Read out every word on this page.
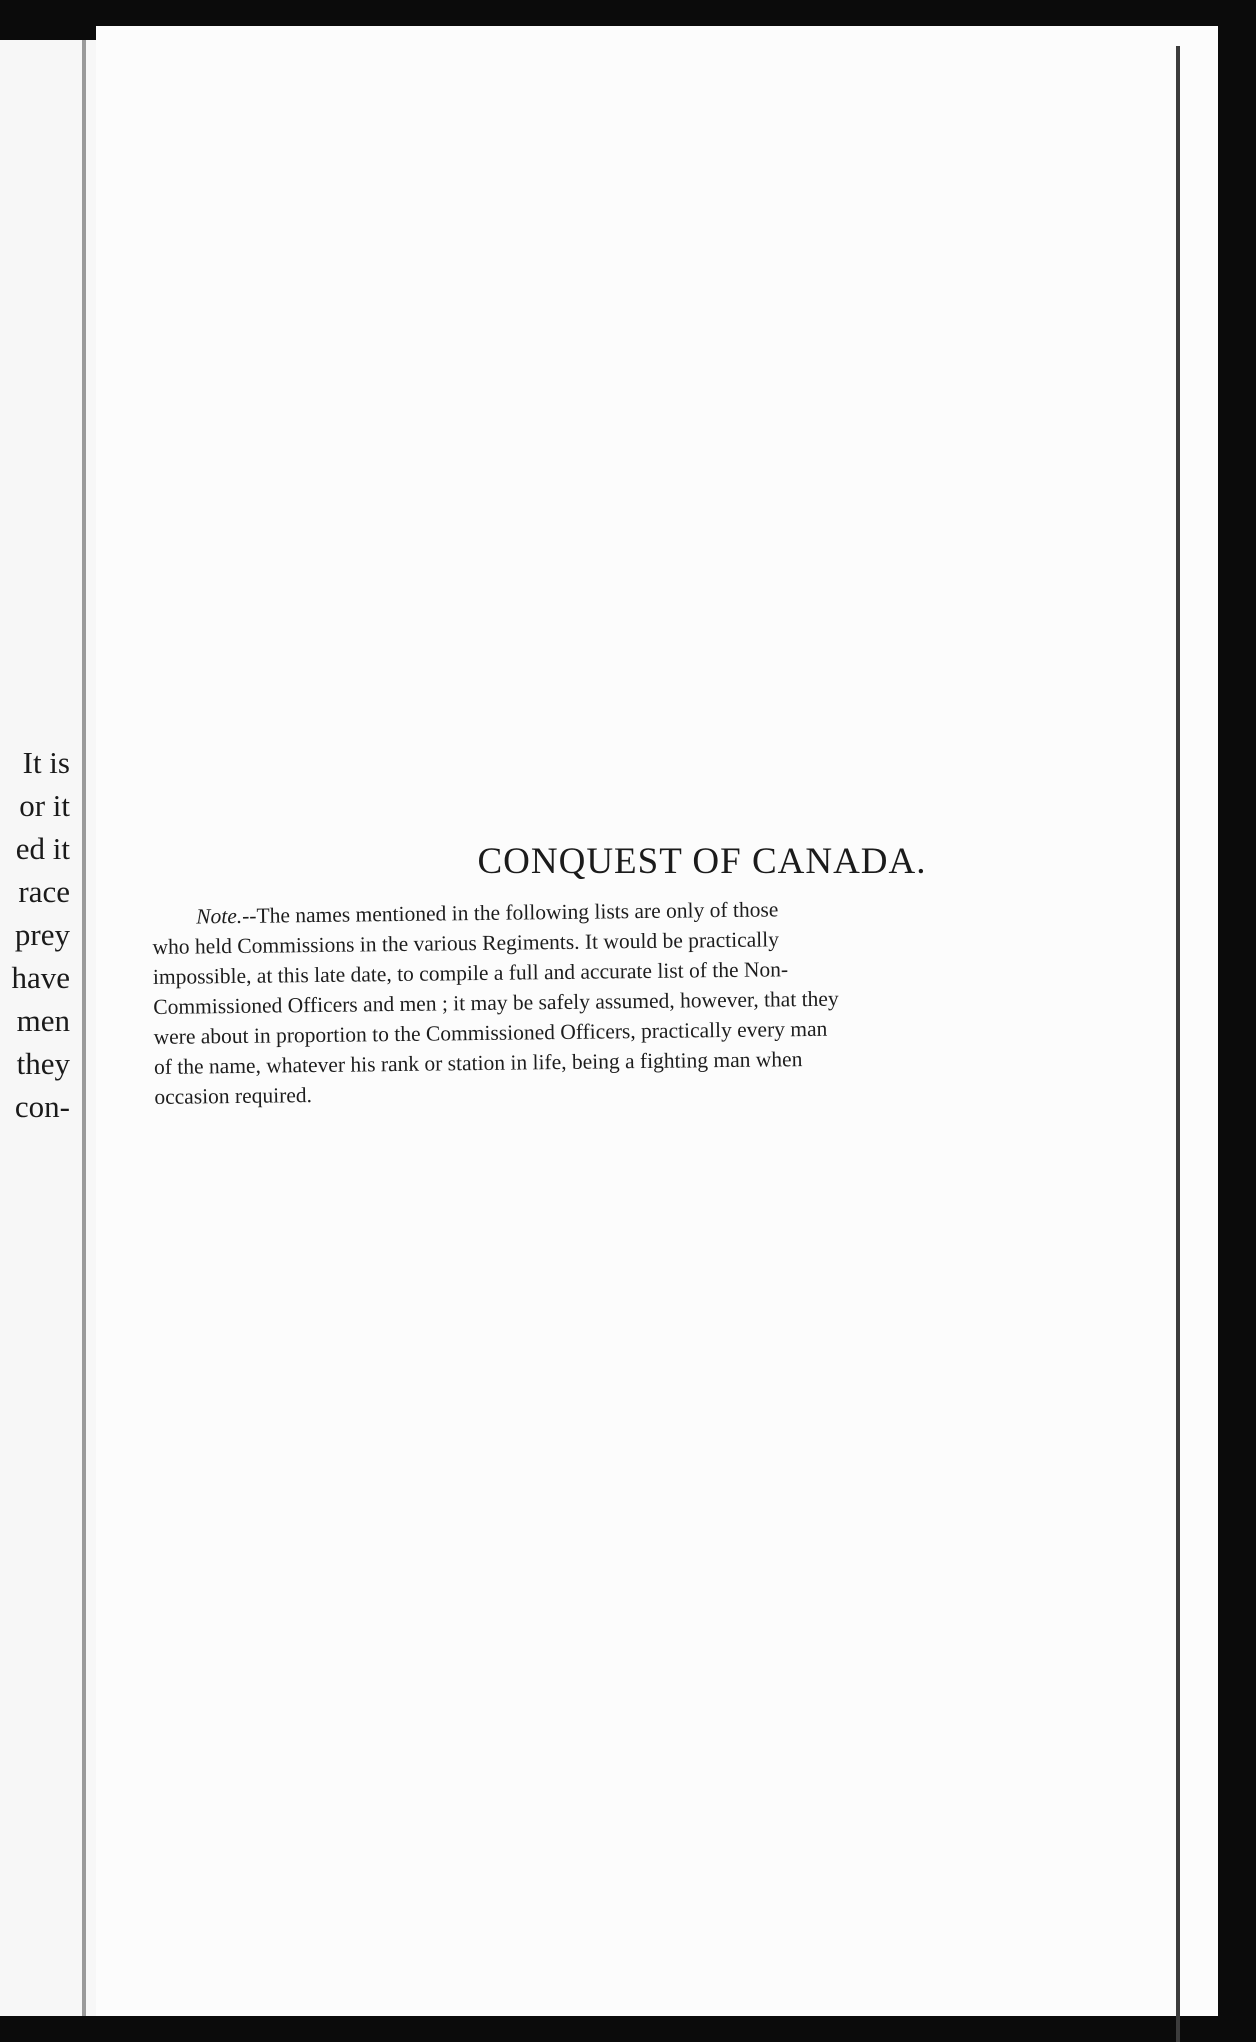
It is
or it
ed it
race
prey
have
men
they
con-
CONQUEST OF CANADA.
Note.--The names mentioned in the following lists are only of those
who held Commissions in the various Regiments. It would be practically
impossible, at this late date, to compile a full and accurate list of the Non-
Commissioned Officers and men ; it may be safely assumed, however, that they
were about in proportion to the Commissioned Officers, practically every man
of the name, whatever his rank or station in life, being a fighting man when
occasion required.
